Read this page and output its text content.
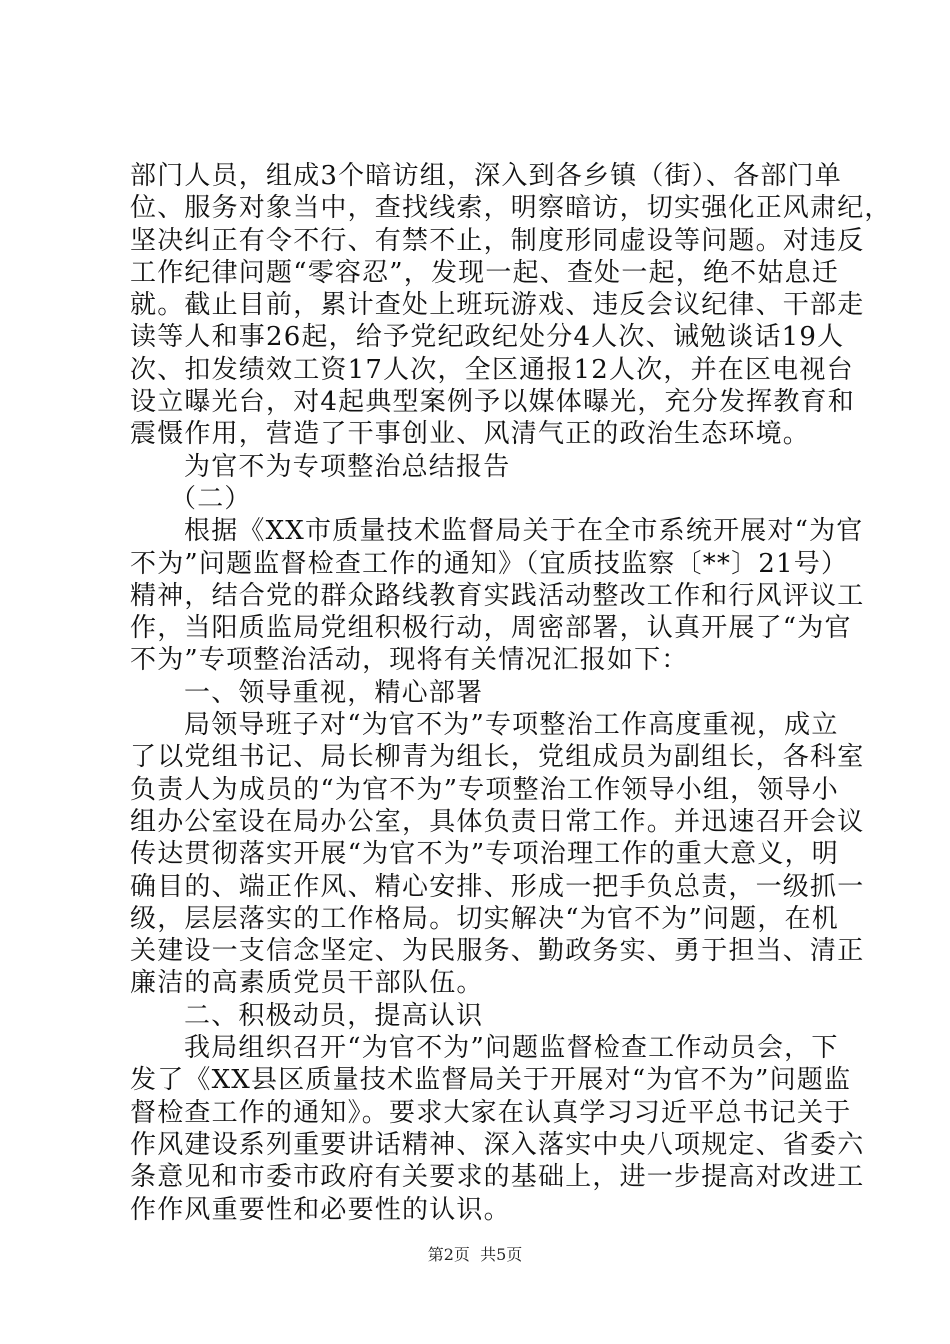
部门人员，组成3个暗访组，深入到各乡镇（街）、各部门单
位、服务对象当中，查找线索，明察暗访，切实强化正风肃纪，
坚决纠正有令不行、有禁不止，制度形同虚设等问题。对违反
工作纪律问题“零容忍”，发现一起、查处一起，绝不姑息迁
就。截止目前，累计查处上班玩游戏、违反会议纪律、干部走
读等人和事26起，给予党纪政纪处分4人次、诫勉谈话19人
次、扣发绩效工资17人次，全区通报12人次，并在区电视台
设立曝光台，对4起典型案例予以媒体曝光，充分发挥教育和
震慑作用，营造了干事创业、风清气正的政治生态环境。
为官不为专项整治总结报告
（二）
根据《XX市质量技术监督局关于在全市系统开展对“为官
不为”问题监督检查工作的通知》（宜质技监察〔**〕21号）
精神，结合党的群众路线教育实践活动整改工作和行风评议工
作，当阳质监局党组积极行动，周密部署，认真开展了“为官
不为”专项整治活动，现将有关情况汇报如下：
一、领导重视，精心部署
局领导班子对“为官不为”专项整治工作高度重视，成立
了以党组书记、局长柳青为组长，党组成员为副组长，各科室
负责人为成员的“为官不为”专项整治工作领导小组，领导小
组办公室设在局办公室，具体负责日常工作。并迅速召开会议
传达贯彻落实开展“为官不为”专项治理工作的重大意义，明
确目的、端正作风、精心安排、形成一把手负总责，一级抓一
级，层层落实的工作格局。切实解决“为官不为”问题，在机
关建设一支信念坚定、为民服务、勤政务实、勇于担当、清正
廉洁的高素质党员干部队伍。
二、积极动员，提高认识
我局组织召开“为官不为”问题监督检查工作动员会，下
发了《XX县区质量技术监督局关于开展对“为官不为”问题监
督检查工作的通知》。要求大家在认真学习习近平总书记关于
作风建设系列重要讲话精神、深入落实中央八项规定、省委六
条意见和市委市政府有关要求的基础上，进一步提高对改进工
作作风重要性和必要性的认识。
第2页  共5页
